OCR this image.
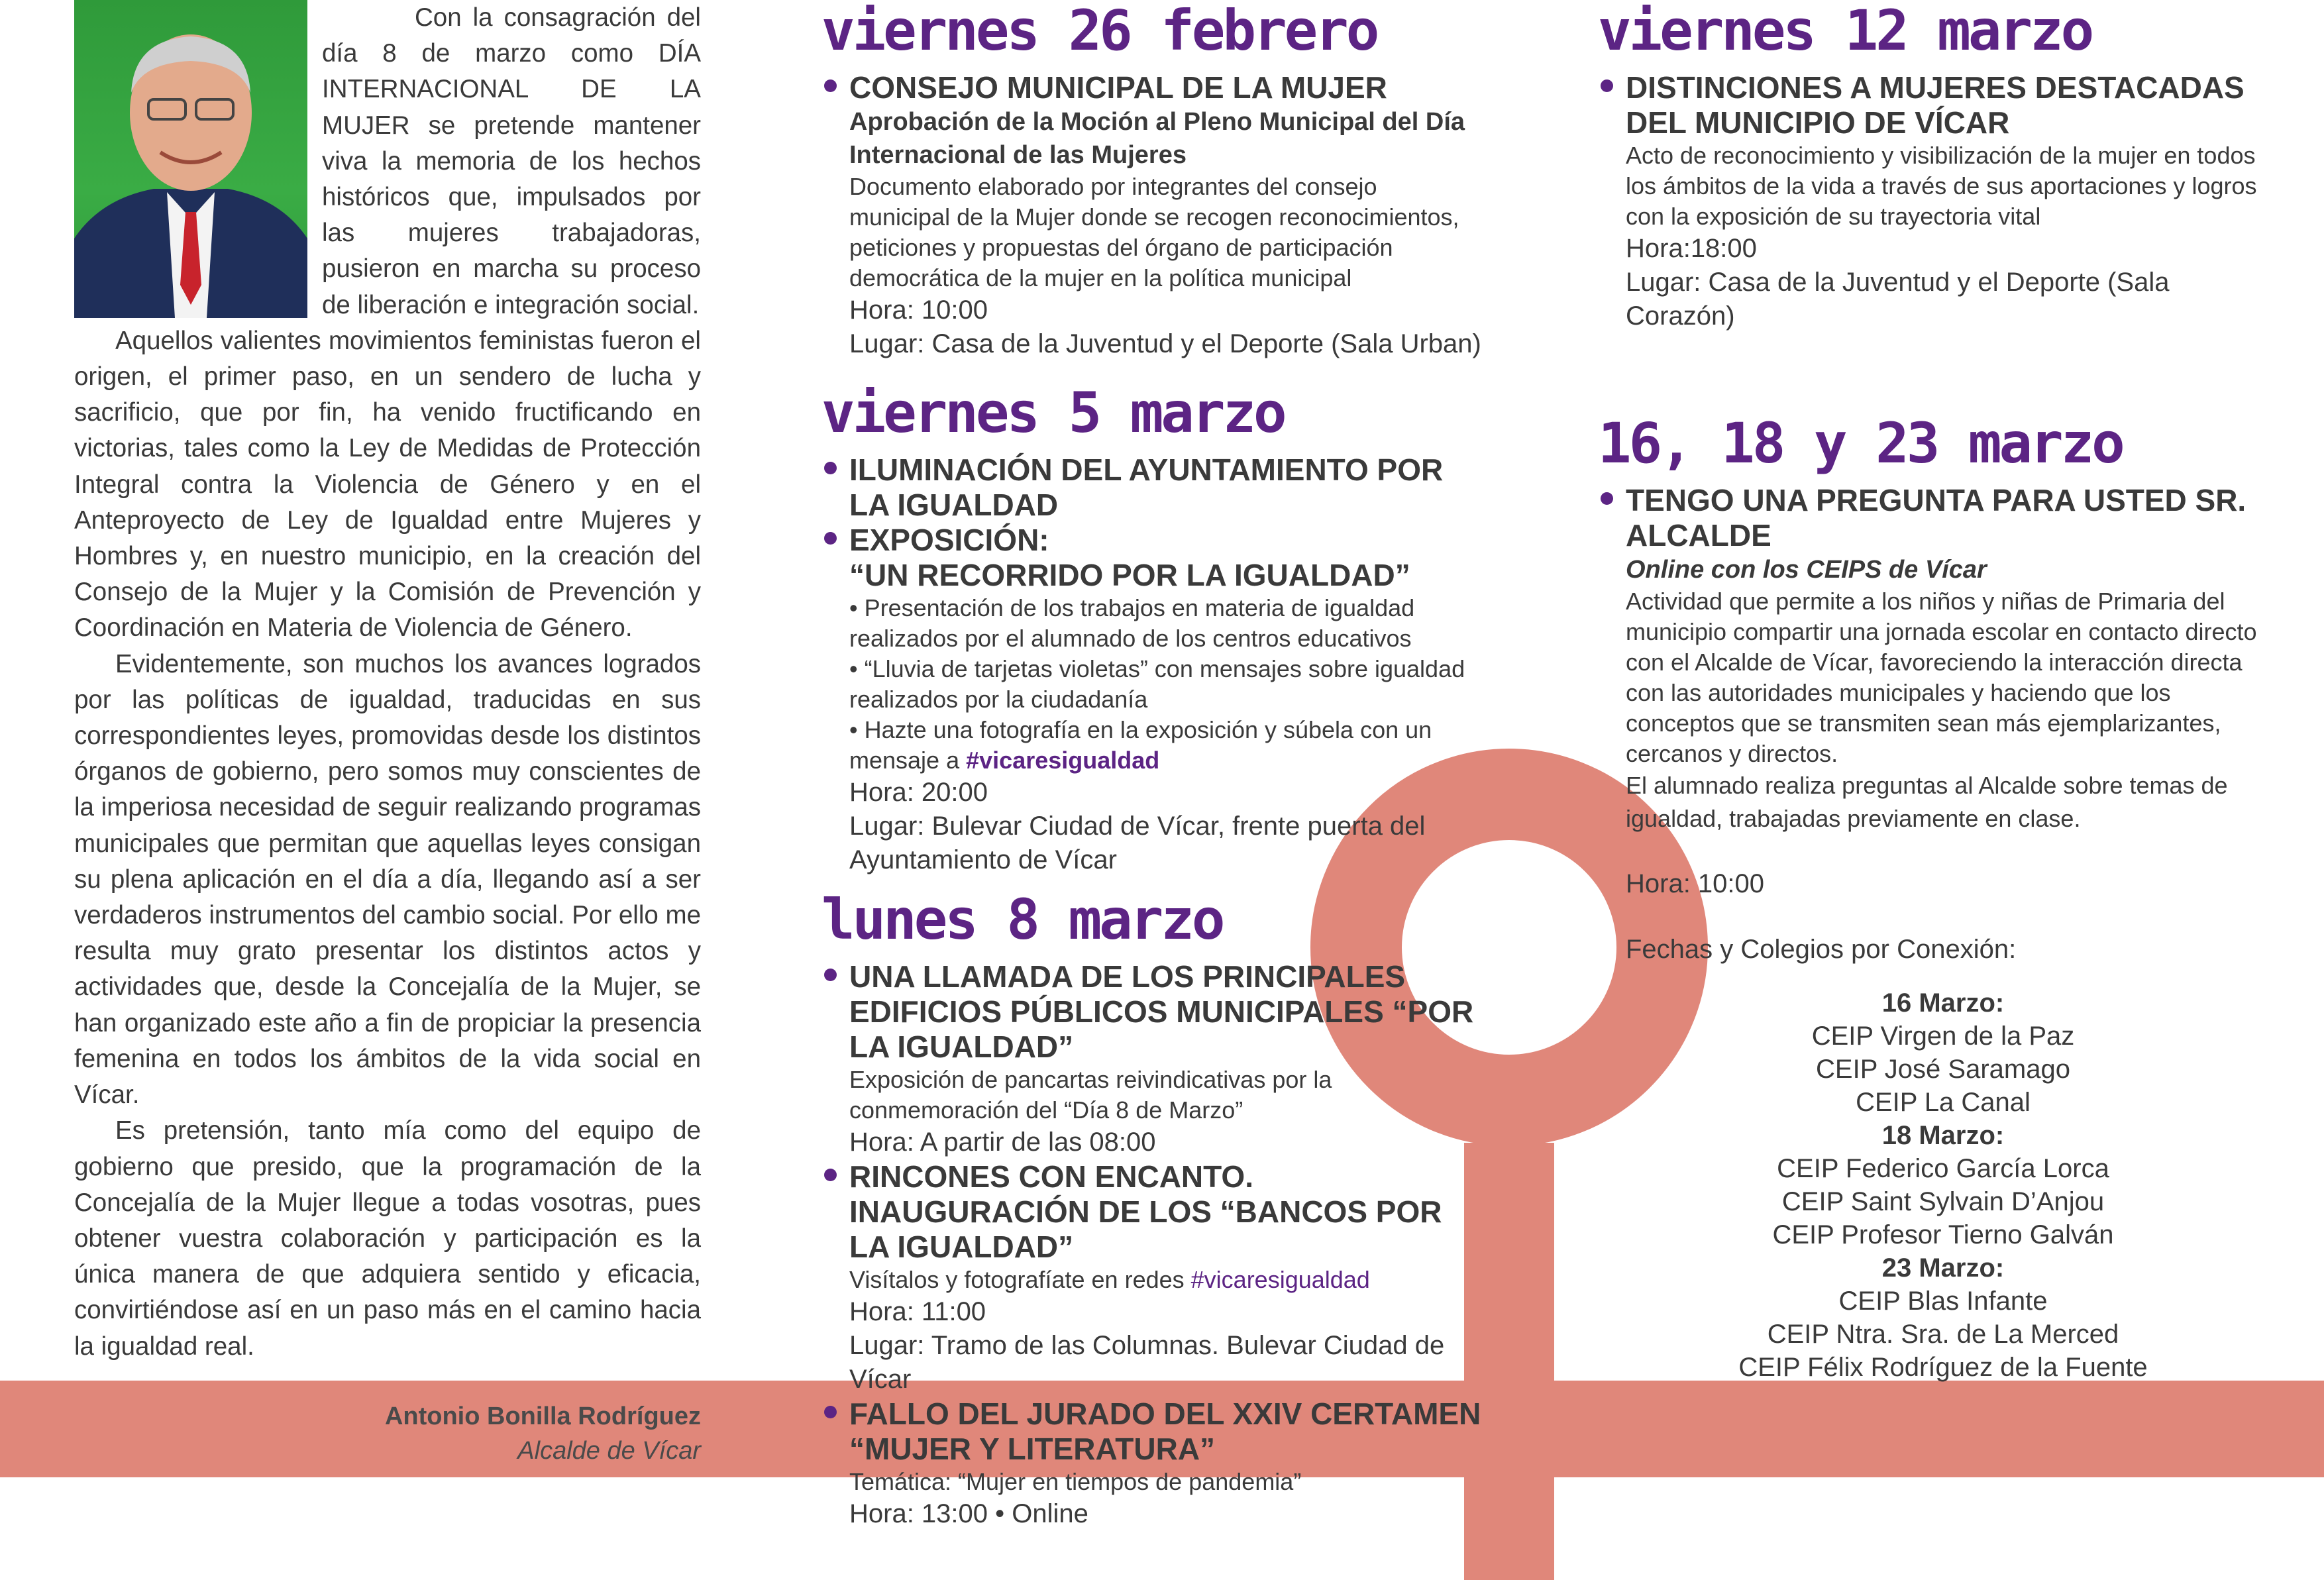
Con la consagración del día 8 de marzo como DÍA INTERNACIONAL DE LA MUJER se pretende mantener viva la memoria de los hechos históricos que, impulsados por las mujeres trabajadoras, pusieron en marcha su proceso de liberación e integración social.

Aquellos valientes movimientos feministas fueron el origen, el primer paso, en un sendero de lucha y sacrificio, que por fin, ha venido fructificando en victorias, tales como la Ley de Medidas de Protección Integral contra la Violencia de Género y en el Anteproyecto de Ley de Igualdad entre Mujeres y Hombres y, en nuestro municipio, en la creación del Consejo de la Mujer y la Comisión de Prevención y Coordinación en Materia de Violencia de Género.

Evidentemente, son muchos los avances logrados por las políticas de igualdad, traducidas en sus correspondientes leyes, promovidas desde los distintos órganos de gobierno, pero somos muy conscientes de la imperiosa necesidad de seguir realizando programas municipales que permitan que aquellas leyes consigan su plena aplicación en el día a día, llegando así a ser verdaderos instrumentos del cambio social. Por ello me resulta muy grato presentar los distintos actos y actividades que, desde la Concejalía de la Mujer, se han organizado este año a fin de propiciar la presencia femenina en todos los ámbitos de la vida social en Vícar.

Es pretensión, tanto mía como del equipo de gobierno que presido, que la programación de la Concejalía de la Mujer llegue a todas vosotras, pues obtener vuestra colaboración y participación es la única manera de que adquiera sentido y eficacia, convirtiéndose así en un paso más en el camino hacia la igualdad real.

Antonio Bonilla Rodríguez
Alcalde de Vícar
viernes 26 febrero
CONSEJO MUNICIPAL DE LA MUJER
Aprobación de la Moción al Pleno Municipal del Día Internacional de las Mujeres
Documento elaborado por integrantes del consejo municipal de la Mujer donde se recogen reconocimientos, peticiones y propuestas del órgano de participación democrática de la mujer en la política municipal
Hora: 10:00
Lugar: Casa de la Juventud y el Deporte (Sala Urban)
viernes 5 marzo
ILUMINACIÓN DEL AYUNTAMIENTO POR LA IGUALDAD
EXPOSICIÓN:
“UN RECORRIDO POR LA IGUALDAD”
• Presentación de los trabajos en materia de igualdad realizados por el alumnado de los centros educativos
• “Lluvia de tarjetas violetas” con mensajes sobre igualdad realizados por la ciudadanía
• Hazte una fotografía en la exposición y súbela con un mensaje a #vicaresigualdad
Hora: 20:00
Lugar: Bulevar Ciudad de Vícar, frente puerta del Ayuntamiento de Vícar
lunes 8 marzo
UNA LLAMADA DE LOS PRINCIPALES EDIFICIOS PÚBLICOS MUNICIPALES “POR LA IGUALDAD”
Exposición de pancartas reivindicativas por la conmemoración del “Día 8 de Marzo”
Hora: A partir de las 08:00
RINCONES CON ENCANTO. INAUGURACIÓN DE LOS “BANCOS POR LA IGUALDAD”
Visítalos y fotografíate en redes #vicaresigualdad
Hora: 11:00
Lugar: Tramo de las Columnas. Bulevar Ciudad de Vícar
FALLO DEL JURADO DEL XXIV CERTAMEN “MUJER Y LITERATURA”
Temática: “Mujer en tiempos de pandemia”
Hora: 13:00 • Online
viernes 12 marzo
DISTINCIONES A MUJERES DESTACADAS DEL MUNICIPIO DE VÍCAR
Acto de reconocimiento y visibilización de la mujer en todos los ámbitos de la vida a través de sus aportaciones y logros con la exposición de su trayectoria vital
Hora:18:00
Lugar: Casa de la Juventud y el Deporte (Sala Corazón)
16, 18 y 23 marzo
TENGO UNA PREGUNTA PARA USTED SR. ALCALDE
Online con los CEIPS de Vícar
Actividad que permite a los niños y niñas de Primaria del municipio compartir una jornada escolar en contacto directo con el Alcalde de Vícar, favoreciendo la interacción directa con las autoridades municipales y haciendo que los conceptos que se transmiten sean más ejemplarizantes, cercanos y directos.
El alumnado realiza preguntas al Alcalde sobre temas de igualdad, trabajadas previamente en clase.
Hora: 10:00
Fechas y Colegios por Conexión:
16 Marzo:
CEIP Virgen de la Paz
CEIP José Saramago
CEIP La Canal
18 Marzo:
CEIP Federico García Lorca
CEIP Saint Sylvain D’Anjou
CEIP Profesor Tierno Galván
23 Marzo:
CEIP Blas Infante
CEIP Ntra. Sra. de La Merced
CEIP Félix Rodríguez de la Fuente
